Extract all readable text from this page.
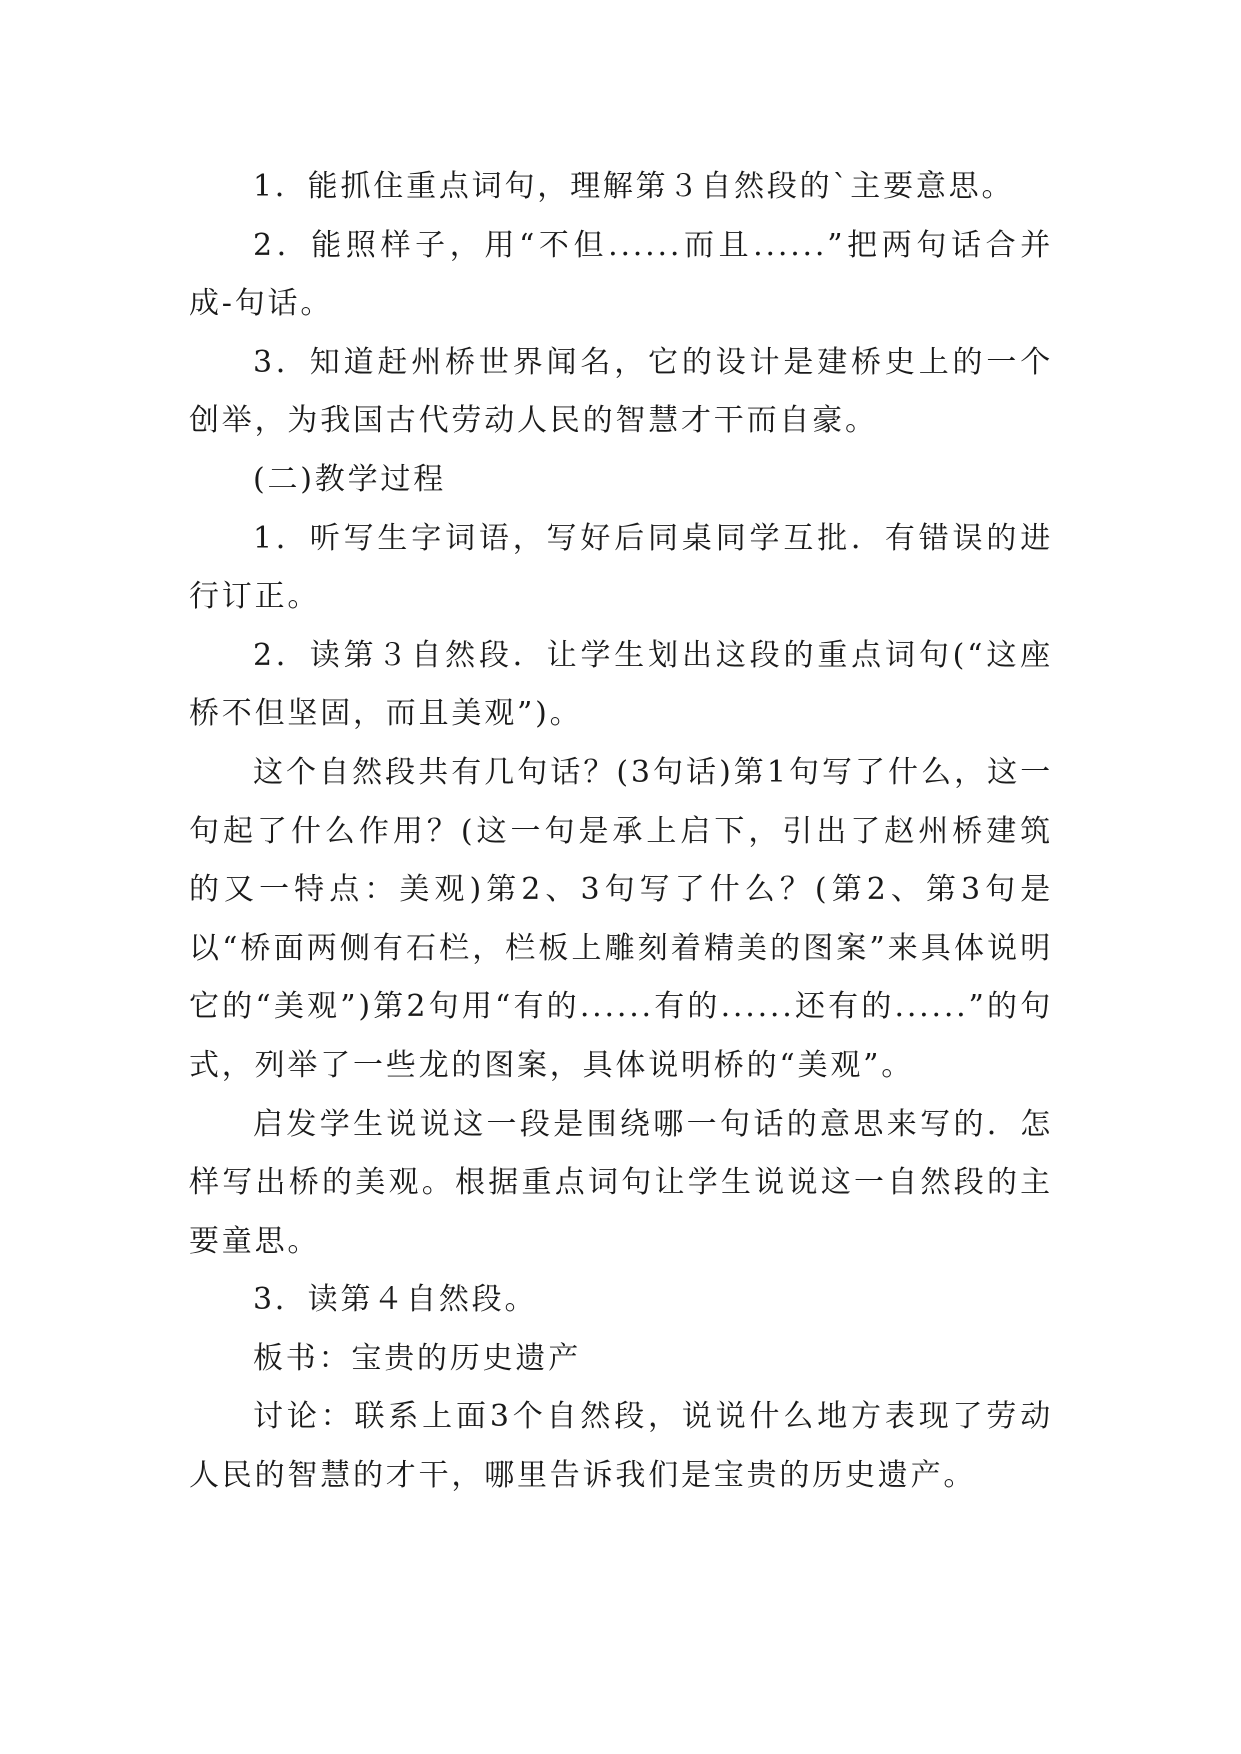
1．能抓住重点词句，理解第３自然段的`主要意思。

2．能照样子，用“不但......而且......”把两句话合并成-句话。

3．知道赶州桥世界闻名，它的设计是建桥史上的一个创举，为我国古代劳动人民的智慧才干而自豪。

(二)教学过程

1．听写生字词语，写好后同桌同学互批．有错误的进行订正。

2．读第３自然段．让学生划出这段的重点词句(“这座桥不但坚固，而且美观”)。

这个自然段共有几句话？(3句话)第1句写了什么，这一句起了什么作用？(这一句是承上启下，引出了赵州桥建筑的又一特点：美观)第2、3句写了什么？(第2、第3句是以“桥面两侧有石栏，栏板上雕刻着精美的图案”来具体说明它的“美观”)第2句用“有的......有的......还有的......”的句式，列举了一些龙的图案，具体说明桥的“美观”。

启发学生说说这一段是围绕哪一句话的意思来写的．怎样写出桥的美观。根据重点词句让学生说说这一自然段的主要童思。

3．读第４自然段。

板书：宝贵的历史遗产

讨论：联系上面3个自然段，说说什么地方表现了劳动人民的智慧的才干，哪里告诉我们是宝贵的历史遗产。
